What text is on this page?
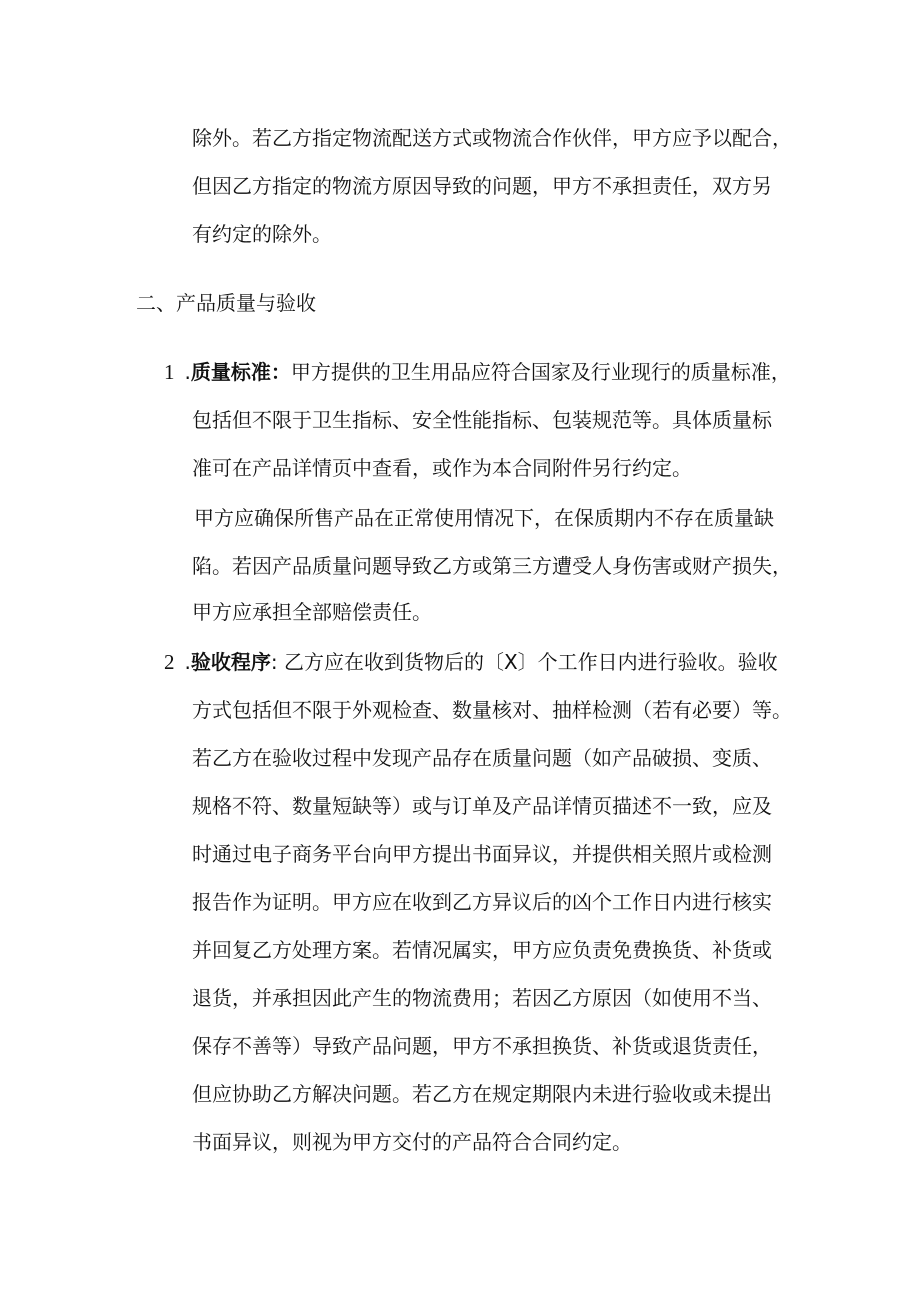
除外。若乙方指定物流配送方式或物流合作伙伴，甲方应予以配合，
但因乙方指定的物流方原因导致的问题，甲方不承担责任，双方另
有约定的除外。
二、产品质量与验收
1 .质量标准：甲方提供的卫生用品应符合国家及行业现行的质量标准，
包括但不限于卫生指标、安全性能指标、包装规范等。具体质量标
准可在产品详情页中查看，或作为本合同附件另行约定。
甲方应确保所售产品在正常使用情况下，在保质期内不存在质量缺
陷。若因产品质量问题导致乙方或第三方遭受人身伤害或财产损失，
甲方应承担全部赔偿责任。
2 .验收程序: 乙方应在收到货物后的〔X〕个工作日内进行验收。验收
方式包括但不限于外观检查、数量核对、抽样检测（若有必要）等。
若乙方在验收过程中发现产品存在质量问题（如产品破损、变质、
规格不符、数量短缺等）或与订单及产品详情页描述不一致，应及
时通过电子商务平台向甲方提出书面异议，并提供相关照片或检测
报告作为证明。甲方应在收到乙方异议后的凶个工作日内进行核实
并回复乙方处理方案。若情况属实，甲方应负责免费换货、补货或
退货，并承担因此产生的物流费用；若因乙方原因（如使用不当、
保存不善等）导致产品问题，甲方不承担换货、补货或退货责任，
但应协助乙方解决问题。若乙方在规定期限内未进行验收或未提出
书面异议，则视为甲方交付的产品符合合同约定。
